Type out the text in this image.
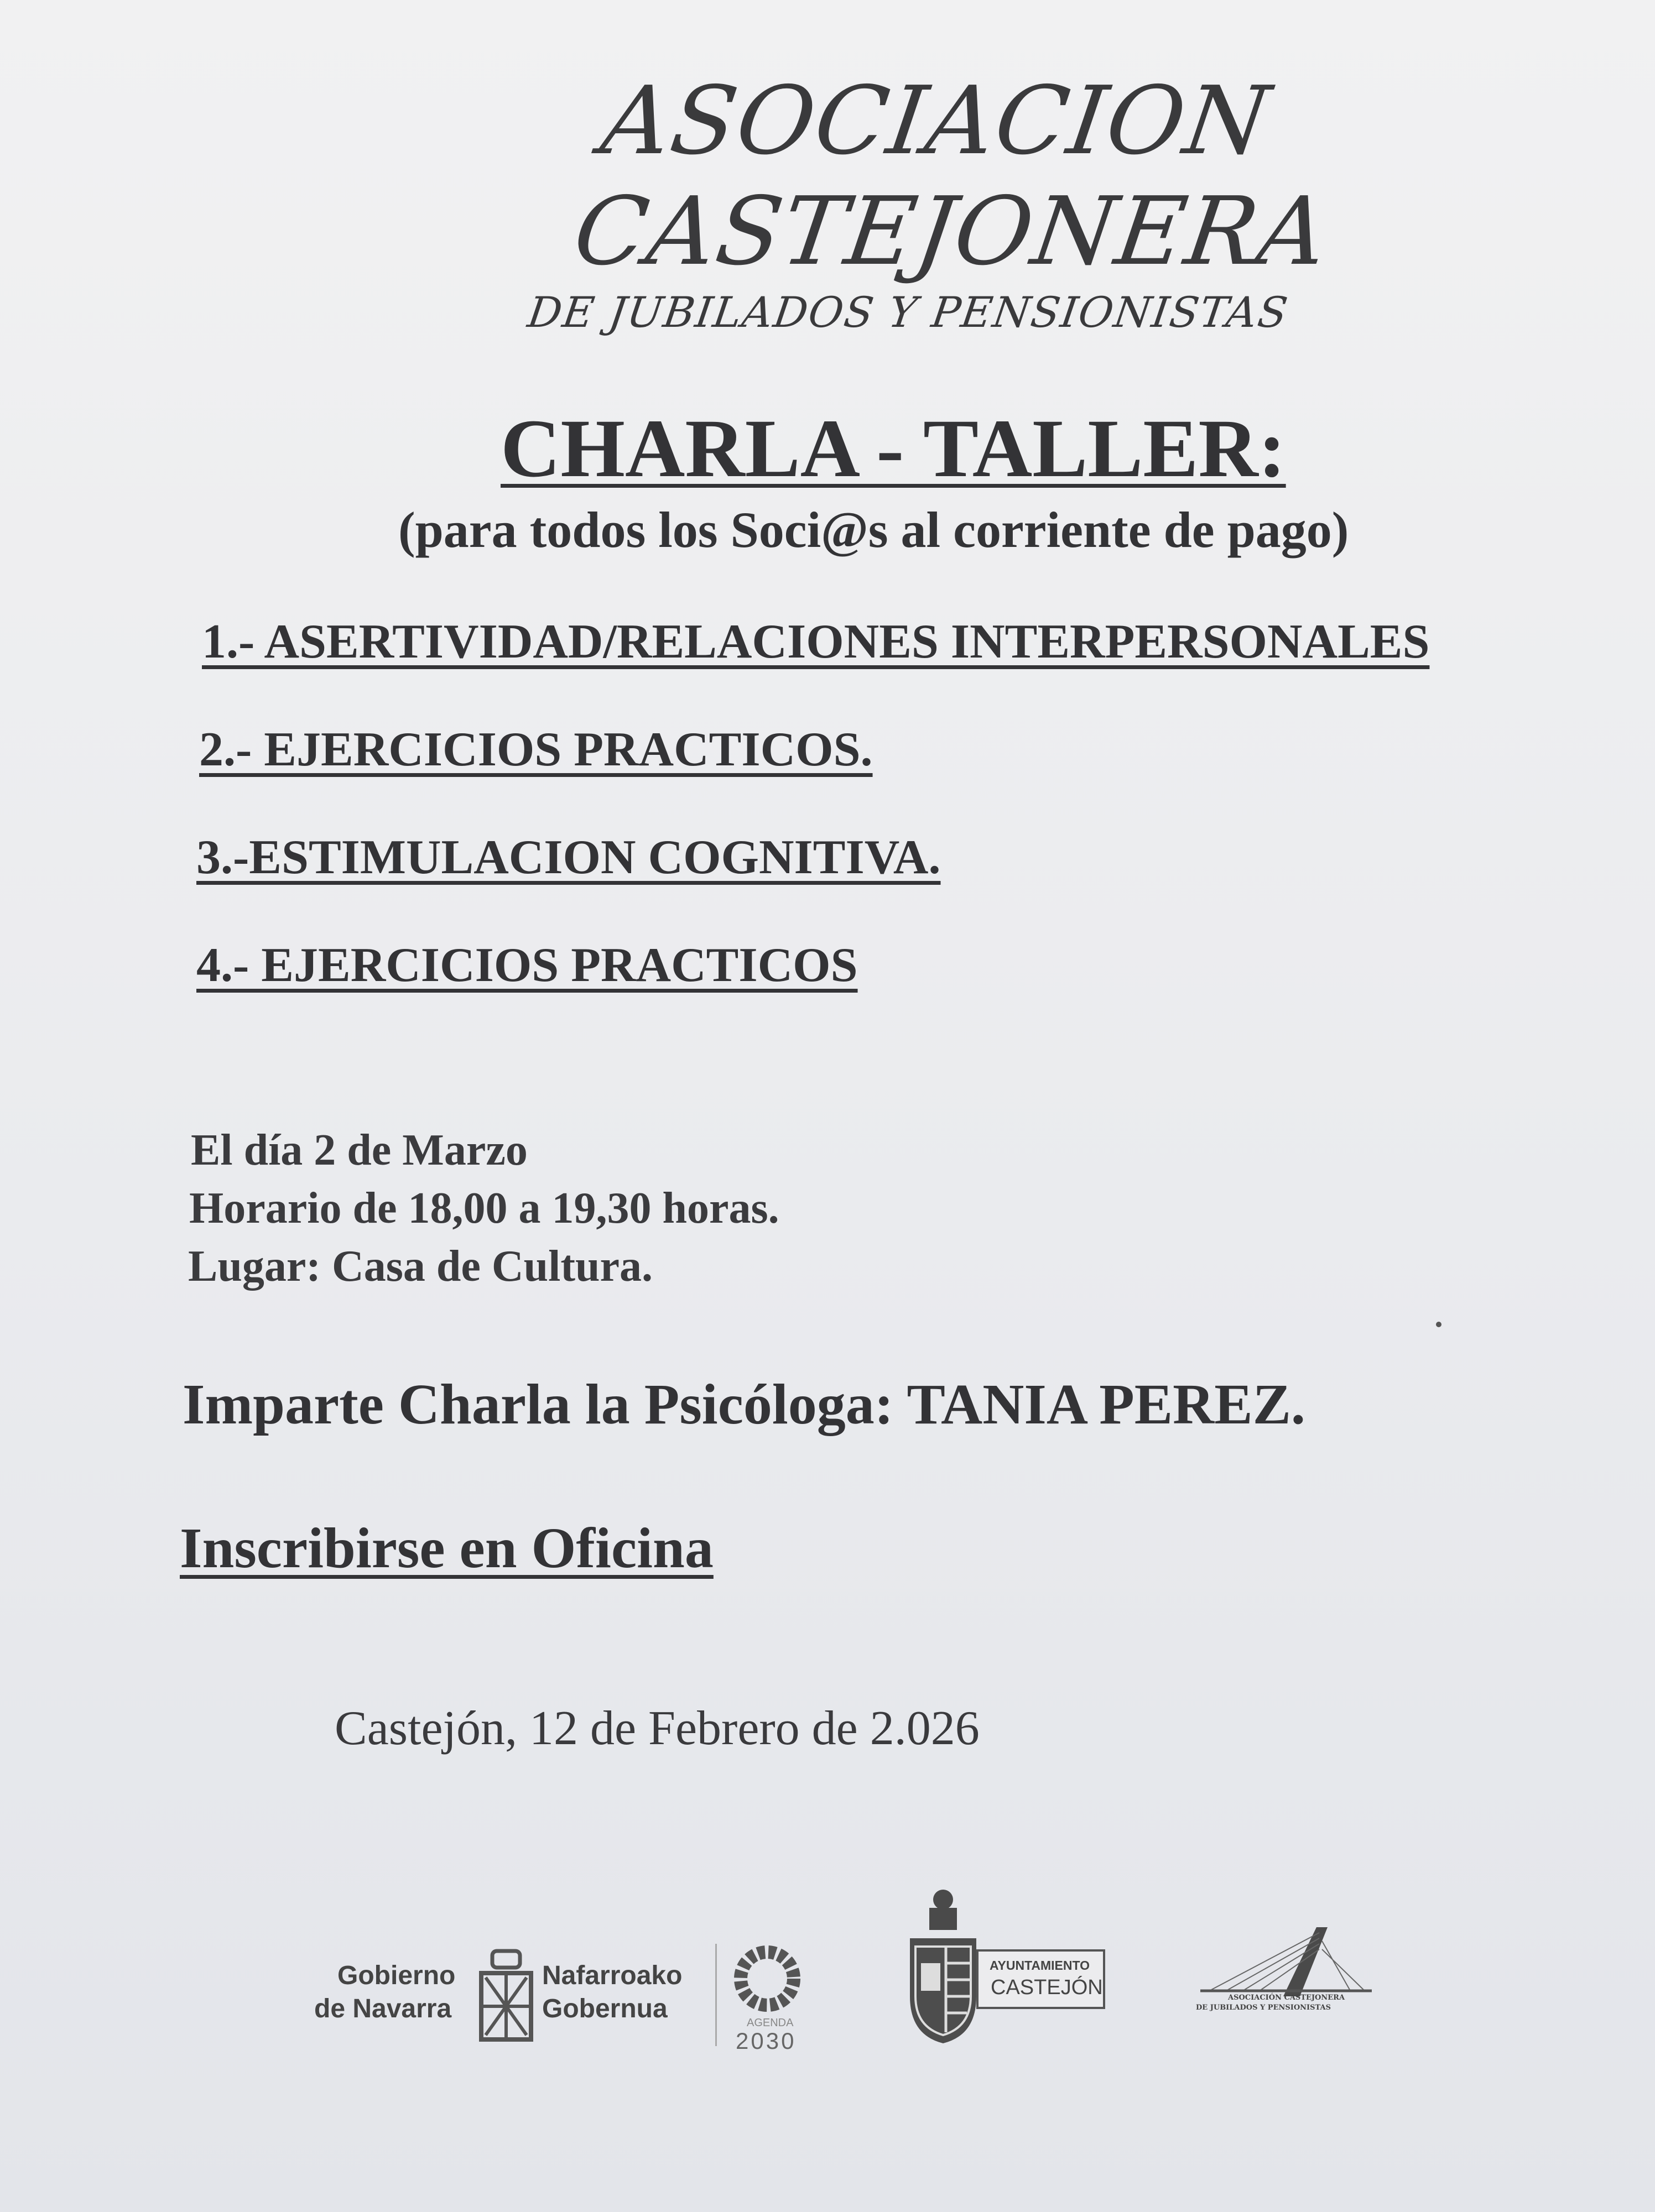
ASOCIACION
CASTEJONERA
DE JUBILADOS Y PENSIONISTAS
CHARLA - TALLER:
(para todos los Soci@s al corriente de pago)
1.- ASERTIVIDAD/RELACIONES INTERPERSONALES
2.- EJERCICIOS PRACTICOS.
3.-ESTIMULACION COGNITIVA.
4.- EJERCICIOS PRACTICOS
El día 2 de Marzo
Horario de 18,00 a 19,30 horas.
Lugar: Casa de Cultura.
Imparte Charla la Psicóloga: TANIA PEREZ.
Inscribirse en Oficina
Castejón, 12 de Febrero de 2.026
Gobierno
de Navarra
Nafarroako
Gobernua	AGENDA
2030
AYUNTAMIENTO
CASTEJÓN	ASOCIACIÓN CASTEJONERA
DE JUBILADOS Y PENSIONISTAS
